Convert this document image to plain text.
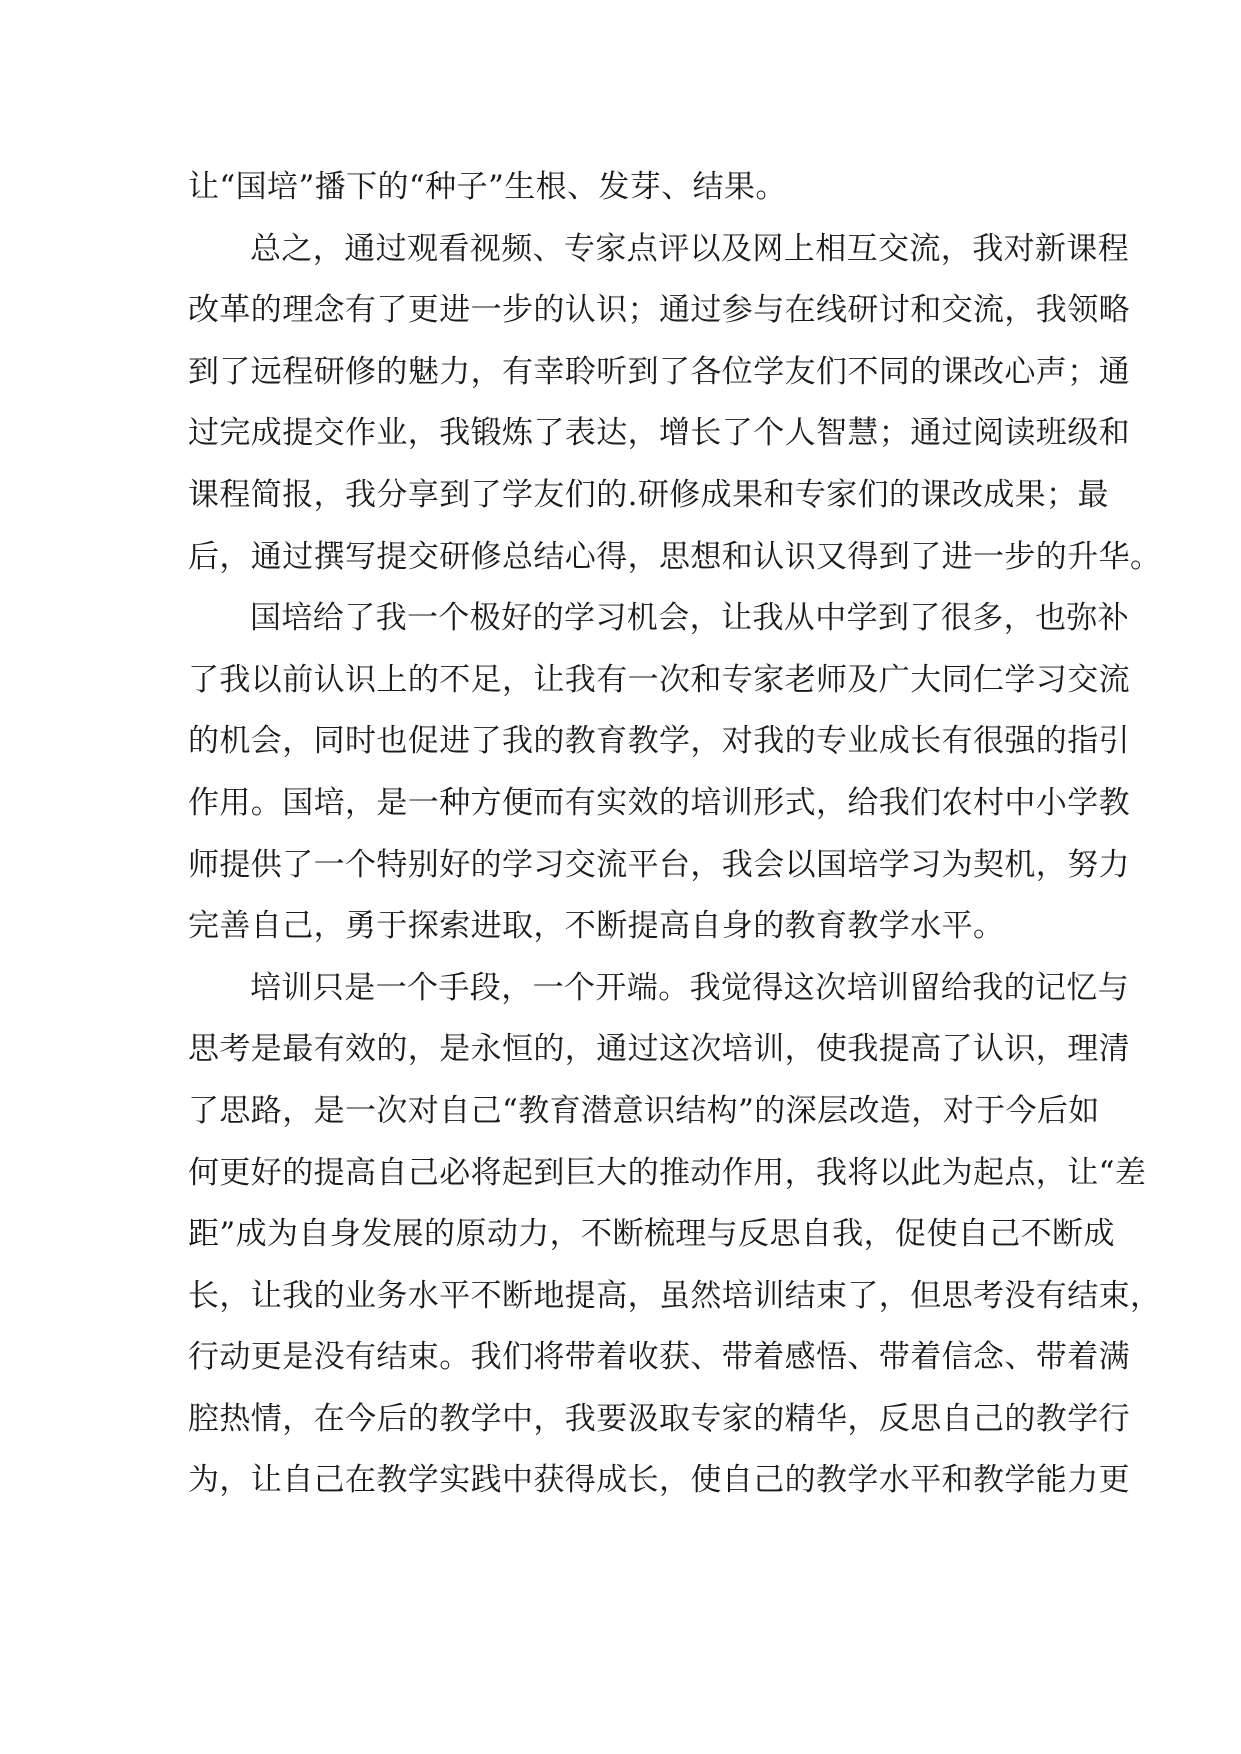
让“国培”播下的“种子”生根、发芽、结果。
总之，通过观看视频、专家点评以及网上相互交流，我对新课程
改革的理念有了更进一步的认识；通过参与在线研讨和交流，我领略
到了远程研修的魅力，有幸聆听到了各位学友们不同的课改心声；通
过完成提交作业，我锻炼了表达，增长了个人智慧；通过阅读班级和
课程简报，我分享到了学友们的.研修成果和专家们的课改成果；最
后，通过撰写提交研修总结心得，思想和认识又得到了进一步的升华。
国培给了我一个极好的学习机会，让我从中学到了很多，也弥补
了我以前认识上的不足，让我有一次和专家老师及广大同仁学习交流
的机会，同时也促进了我的教育教学，对我的专业成长有很强的指引
作用。国培，是一种方便而有实效的培训形式，给我们农村中小学教
师提供了一个特别好的学习交流平台，我会以国培学习为契机，努力
完善自己，勇于探索进取，不断提高自身的教育教学水平。
培训只是一个手段，一个开端。我觉得这次培训留给我的记忆与
思考是最有效的，是永恒的，通过这次培训，使我提高了认识，理清
了思路，是一次对自己“教育潜意识结构”的深层改造，对于今后如
何更好的提高自己必将起到巨大的推动作用，我将以此为起点，让“差
距”成为自身发展的原动力，不断梳理与反思自我，促使自己不断成
长，让我的业务水平不断地提高，虽然培训结束了，但思考没有结束，
行动更是没有结束。我们将带着收获、带着感悟、带着信念、带着满
腔热情，在今后的教学中，我要汲取专家的精华，反思自己的教学行
为，让自己在教学实践中获得成长，使自己的教学水平和教学能力更
